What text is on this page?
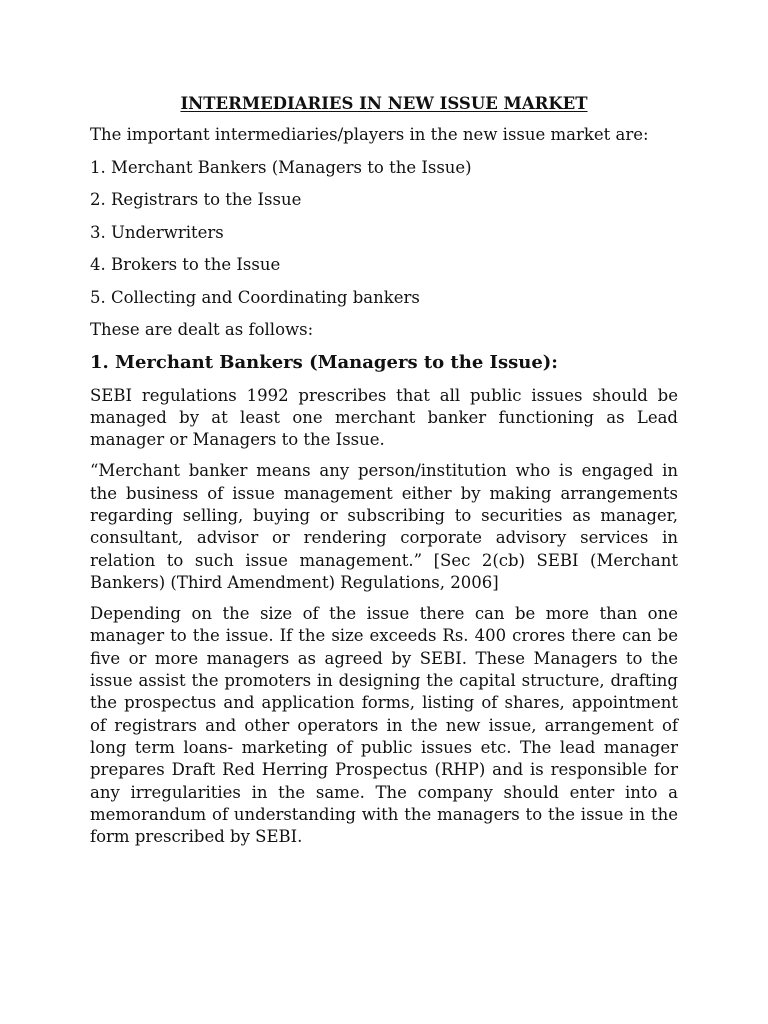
INTERMEDIARIES IN NEW ISSUE MARKET
The important intermediaries/players in the new issue market are:
1. Merchant Bankers (Managers to the Issue)
2. Registrars to the Issue
3. Underwriters
4. Brokers to the Issue
5. Collecting and Coordinating bankers
These are dealt as follows:
1. Merchant Bankers (Managers to the Issue):

SEBI regulations 1992 prescribes that all public issues should be managed by at least one merchant banker functioning as Lead manager or Managers to the Issue.

“Merchant banker means any person/institution who is engaged in the business of issue management either by making arrangements regarding selling, buying or subscribing to securities as manager, consultant, advisor or rendering corporate advisory services in relation to such issue management.” [Sec 2(cb) SEBI (Merchant Bankers) (Third Amendment) Regulations, 2006]

Depending on the size of the issue there can be more than one manager to the issue. If the size exceeds Rs. 400 crores there can be five or more managers as agreed by SEBI. These Managers to the issue assist the promoters in designing the capital structure, drafting the prospectus and application forms, listing of shares, appointment of registrars and other operators in the new issue, arrangement of long term loans- marketing of public issues etc. The lead manager prepares Draft Red Herring Prospectus (RHP) and is responsible for any irregularities in the same. The company should enter into a memorandum of understanding with the managers to the issue in the form prescribed by SEBI.
